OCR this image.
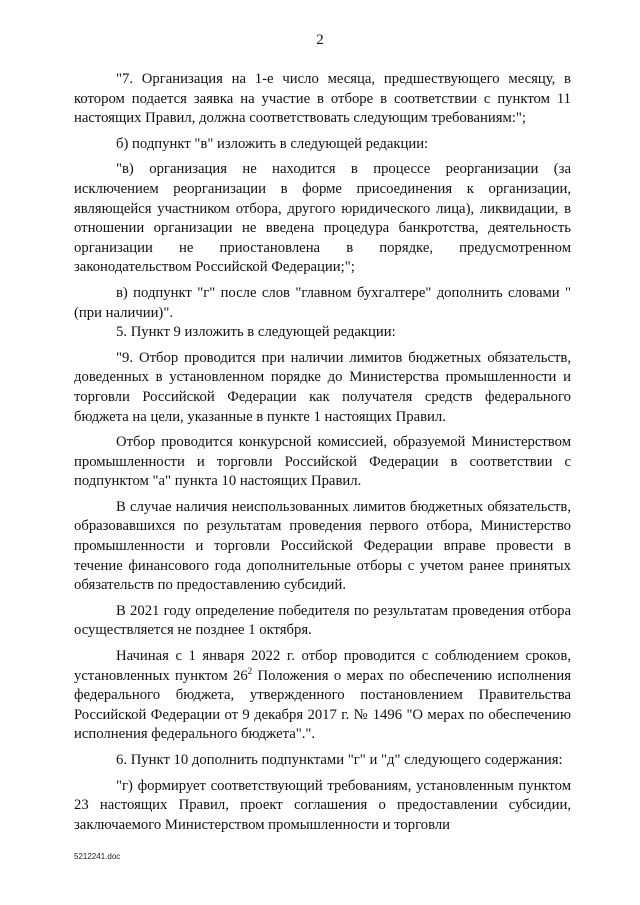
2

"7. Организация на 1-е число месяца, предшествующего месяцу, в котором подается заявка на участие в отборе в соответствии с пунктом 11 настоящих Правил, должна соответствовать следующим требованиям:";

б) подпункт "в" изложить в следующей редакции:

"в) организация не находится в процессе реорганизации (за исключением реорганизации в форме присоединения к организации, являющейся участником отбора, другого юридического лица), ликвидации, в отношении организации не введена процедура банкротства, деятельность организации не приостановлена в порядке, предусмотренном законодательством Российской Федерации;";

в) подпункт "г" после слов "главном бухгалтере" дополнить словами "(при наличии)".

5. Пункт 9 изложить в следующей редакции:

"9. Отбор проводится при наличии лимитов бюджетных обязательств, доведенных в установленном порядке до Министерства промышленности и торговли Российской Федерации как получателя средств федерального бюджета на цели, указанные в пункте 1 настоящих Правил.

Отбор проводится конкурсной комиссией, образуемой Министерством промышленности и торговли Российской Федерации в соответствии с подпунктом "а" пункта 10 настоящих Правил.

В случае наличия неиспользованных лимитов бюджетных обязательств, образовавшихся по результатам проведения первого отбора, Министерство промышленности и торговли Российской Федерации вправе провести в течение финансового года дополнительные отборы с учетом ранее принятых обязательств по предоставлению субсидий.

В 2021 году определение победителя по результатам проведения отбора осуществляется не позднее 1 октября.

Начиная с 1 января 2022 г. отбор проводится с соблюдением сроков, установленных пунктом $26^2$ Положения о мерах по обеспечению исполнения федерального бюджета, утвержденного постановлением Правительства Российской Федерации от 9 декабря 2017 г. № 1496 "О мерах по обеспечению исполнения федерального бюджета".".

6. Пункт 10 дополнить подпунктами "г" и "д" следующего содержания:

"г) формирует соответствующий требованиям, установленным пунктом 23 настоящих Правил, проект соглашения о предоставлении субсидии, заключаемого Министерством промышленности и торговли

5212241.doc
